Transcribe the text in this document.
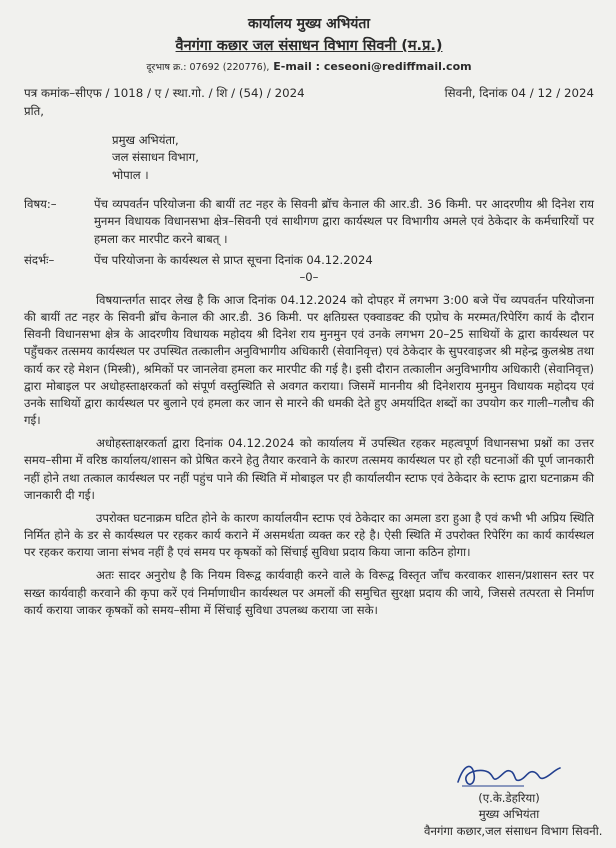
कार्यालय मुख्य अभियंता
वैनगंगा कछार जल संसाधन विभाग सिवनी (म.प्र.)
दूरभाष क्र.: 07692 (220776), E-mail : ceseoni@rediffmail.com
पत्र कमांक–सीएफ / 1018 / ए / स्था.गो. / शि / (54) / 2024	सिवनी, दिनांक 04 / 12 / 2024
प्रति,
प्रमुख अभियंता,
जल संसाधन विभाग,
भोपाल ।
विषय:–	पेंच व्यपवर्तन परियोजना की बायीं तट नहर के सिवनी ब्रॉच केनाल की आर.डी. 36 किमी. पर आदरणीय श्री दिनेश राय मुनमन विधायक विधानसभा क्षेत्र–सिवनी एवं साथीगण द्वारा कार्यस्थल पर विभागीय अमले एवं ठेकेदार के कर्मचारियों पर हमला कर मारपीट करने बाबत् ।
संदर्भः–	पेंच परियोजना के कार्यस्थल से प्राप्त सूचना दिनांक 04.12.2024
–0–

विषयान्तर्गत सादर लेख है कि आज दिनांक 04.12.2024 को दोपहर में लगभग 3:00 बजे पेंच व्यपवर्तन परियोजना की बायीं तट नहर के सिवनी ब्रॉच केनाल की आर.डी. 36 किमी. पर क्षतिग्रस्त एक्वाडक्ट की एप्रोच के मरम्मत/रिपेरिंग कार्य के दौरान सिवनी विधानसभा क्षेत्र के आदरणीय विधायक महोदय श्री दिनेश राय मुनमुन एवं उनके लगभग 20–25 साथियों के द्वारा कार्यस्थल पर पहुँचकर तत्समय कार्यस्थल पर उपस्थित तत्कालीन अनुविभागीय अधिकारी (सेवानिवृत्त) एवं ठेकेदार के सुपरवाइजर श्री महेन्द्र कुलश्रेष्ठ तथा कार्य कर रहे मेशन (मिस्त्री), श्रमिकों पर जानलेवा हमला कर मारपीट की गई है। इसी दौरान तत्कालीन अनुविभागीय अधिकारी (सेवानिवृत्त) द्वारा मोबाइल पर अधोहस्ताक्षरकर्ता को संपूर्ण वस्तुस्थिति से अवगत कराया। जिसमें माननीय श्री दिनेशराय मुनमुन विधायक महोदय एवं उनके साथियों द्वारा कार्यस्थल पर बुलाने एवं हमला कर जान से मारने की धमकी देते हुए अमर्यादित शब्दों का उपयोग कर गाली–गलौच की गई।

अधोहस्ताक्षरकर्ता द्वारा दिनांक 04.12.2024 को कार्यालय में उपस्थित रहकर महत्वपूर्ण विधानसभा प्रश्नों का उत्तर समय–सीमा में वरिष्ठ कार्यालय/शासन को प्रेषित करने हेतु तैयार करवाने के कारण तत्समय कार्यस्थल पर हो रही घटनाओं की पूर्ण जानकारी नहीं होने तथा तत्काल कार्यस्थल पर नहीं पहुंच पाने की स्थिति में मोबाइल पर ही कार्यालयीन स्टाफ एवं ठेकेदार के स्टाफ द्वारा घटनाक्रम की जानकारी दी गई।

उपरोक्त घटनाक्रम घटित होने के कारण कार्यालयीन स्टाफ एवं ठेकेदार का अमला डरा हुआ है एवं कभी भी अप्रिय स्थिति निर्मित होने के डर से कार्यस्थल पर रहकर कार्य कराने में असमर्थता व्यक्त कर रहे है। ऐसी स्थिति में उपरोक्त रिपेरिंग का कार्य कार्यस्थल पर रहकर कराया जाना संभव नहीं है एवं समय पर कृषकों को सिंचाई सुविधा प्रदाय किया जाना कठिन होगा।

अतः सादर अनुरोध है कि नियम विरूद्व कार्यवाही करने वाले के विरूद्व विस्तृत जाँच करवाकर शासन/प्रशासन स्तर पर सख्त कार्यवाही करवाने की कृपा करें एवं निर्माणाधीन कार्यस्थल पर अमलों की समुचित सुरक्षा प्रदाय की जाये, जिससे तत्परता से निर्माण कार्य कराया जाकर कृषकों को समय–सीमा में सिंचाई सुविधा उपलब्ध कराया जा सके।

(ए.के.डेहरिया)
मुख्य अभियंता
वैनगंगा कछार,जल संसाधन विभाग सिवनी.
